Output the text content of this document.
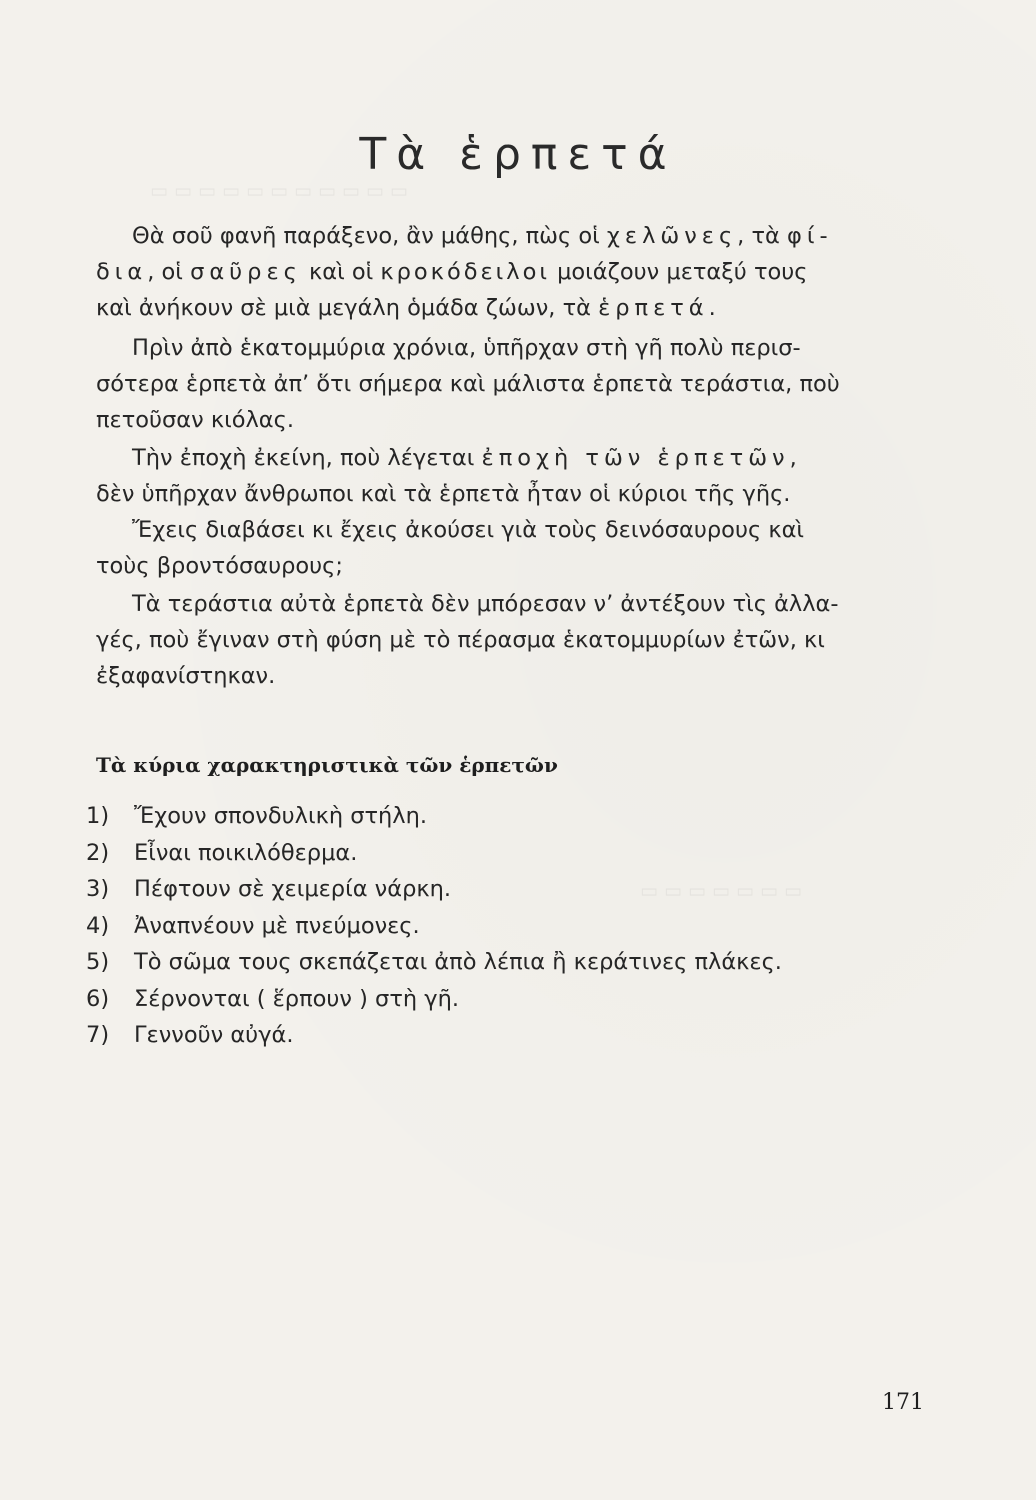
▭ ▭ ▭ ▭ ▭ ▭ ▭ ▭ ▭ ▭ ▭
▭ ▭ ▭ ▭ ▭ ▭ ▭
Τὰ ἑρπετά
Θὰ σοῦ φανῆ παράξενο, ἂν μάθης, πὼς οἱ χελῶνες, τὰ φί-
δια, οἱ σαῦρες καὶ οἱ κροκόδειλοι μοιάζουν μεταξύ τους
καὶ ἀνήκουν σὲ μιὰ μεγάλη ὁμάδα ζώων, τὰ ἑρπετά.
Πρὶν ἀπὸ ἑκατομμύρια χρόνια, ὑπῆρχαν στὴ γῆ πολὺ περισ-
σότερα ἑρπετὰ ἀπ’ ὅτι σήμερα καὶ μάλιστα ἑρπετὰ τεράστια, ποὺ
πετοῦσαν κιόλας.
Τὴν ἐποχὴ ἐκείνη, ποὺ λέγεται ἐποχὴ τῶν ἑρπετῶν,
δὲν ὑπῆρχαν ἄνθρωποι καὶ τὰ ἑρπετὰ ἦταν οἱ κύριοι τῆς γῆς.
Ἔχεις διαβάσει κι ἔχεις ἀκούσει γιὰ τοὺς δεινόσαυρους καὶ
τοὺς βροντόσαυρους;
Τὰ τεράστια αὐτὰ ἑρπετὰ δὲν μπόρεσαν ν’ ἀντέξουν τὶς ἀλλα-
γές, ποὺ ἔγιναν στὴ φύση μὲ τὸ πέρασμα ἑκατομμυρίων ἐτῶν, κι
ἐξαφανίστηκαν.
Τὰ κύρια χαρακτηριστικὰ τῶν ἑρπετῶν
1) Ἔχουν σπονδυλικὴ στήλη.
2) Εἶναι ποικιλόθερμα.
3) Πέφτουν σὲ χειμερία νάρκη.
4) Ἀναπνέουν μὲ πνεύμονες.
5) Τὸ σῶμα τους σκεπάζεται ἀπὸ λέπια ἢ κεράτινες πλάκες.
6) Σέρνονται ( ἕρπουν ) στὴ γῆ.
7) Γεννοῦν αὐγά.
171
